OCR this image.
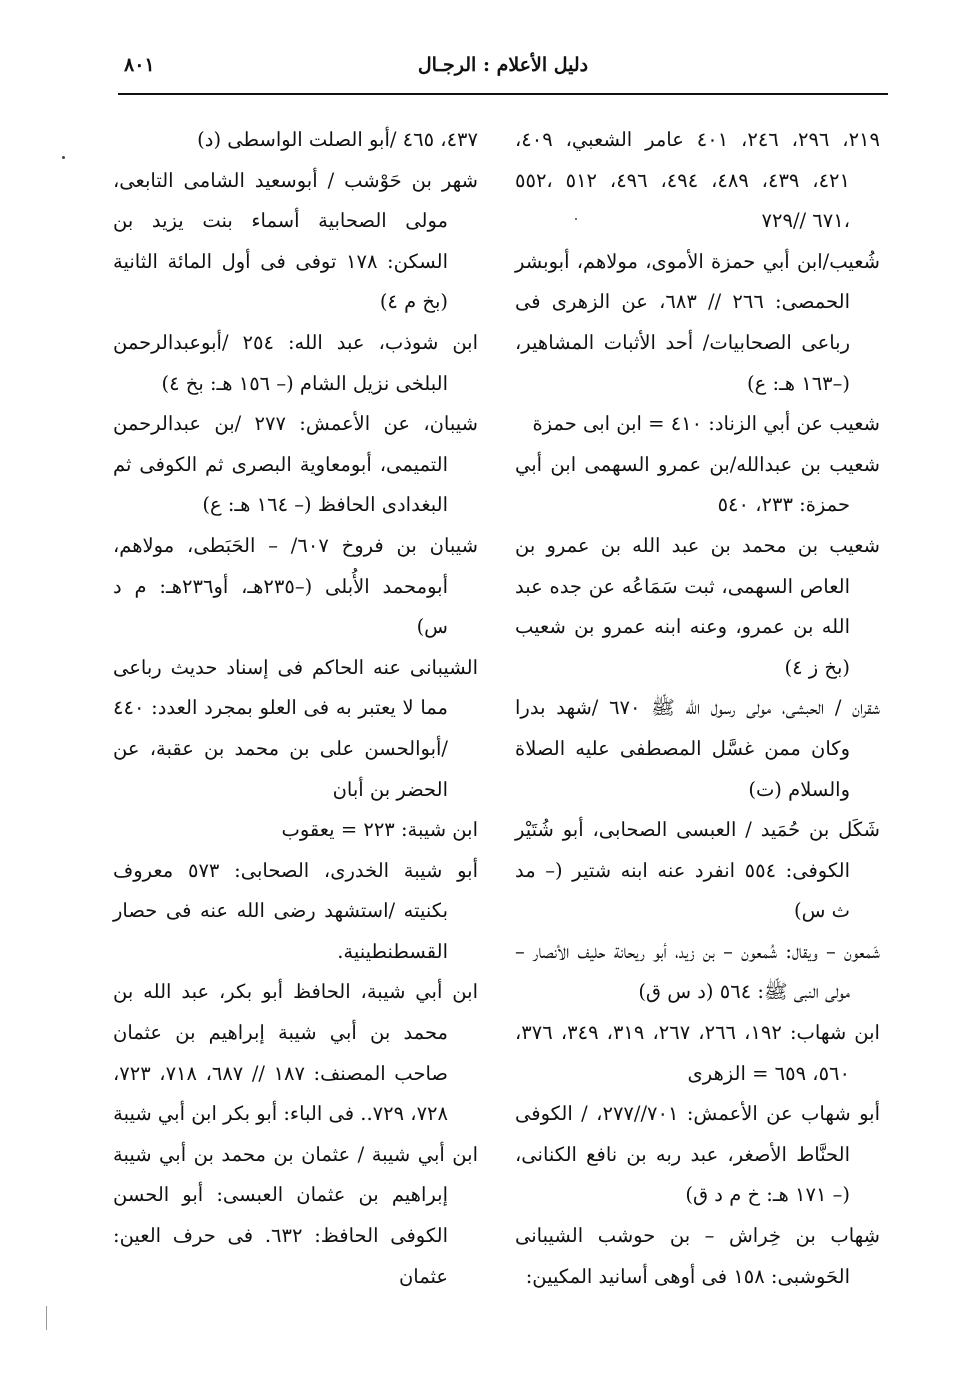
دليل الأعلام : الرجـال
٨٠١

٢١٩، ٢٩٦، ٢٤٦، ٤٠١ عامر الشعبي، ٤٠٩، ٤٢١، ٤٣٩، ٤٨٩، ٤٩٤، ٤٩٦، ٥١٢ ،٥٥٢ ،٦٧١ //٧٢٩

شُعيب/ابن أبي حمزة الأموى، مولاهم، أبوبشر الحمصى: ٢٦٦ // ٦٨٣، عن الزهرى فى رباعى الصحابيات/ أحد الأثبات المشاهير، (–١٦٣ هـ: ع)

شعيب عن أبي الزناد: ٤١٠ = ابن ابى حمزة

شعيب بن عبدالله/بن عمرو السهمى ابن أبي حمزة: ٢٣٣، ٥٤٠

شعيب بن محمد بن عبد الله بن عمرو بن العاص السهمى، ثبت سَمَاعُه عن جده عبد الله بن عمرو، وعنه ابنه عمرو بن شعيب (بخ ز ٤)

شقران / الحبشى، مولى رسول الله ﷺ ٦٧٠ /شهد بدرا وكان ممن غسَّل المصطفى عليه الصلاة والسلام (ت)

شَكَل بن حُمَيد / العبسى الصحابى، أبو شُتَيْر الكوفى: ٥٥٤ انفرد عنه ابنه شتير (– مد ث س)

شَمعون – ويقال: شُمعون – بن زيد، أبو ريحانة حليف الأنصار – مولى النبى ﷺ: ٥٦٤ (د س ق)

ابن شهاب: ١٩٢، ٢٦٦، ٢٦٧، ٣١٩، ٣٤٩، ٣٧٦، ٥٦٠، ٦٥٩ = الزهرى

أبو شهاب عن الأعمش: ٧٠١//٢٧٧، / الكوفى الحنَّاط الأصغر، عبد ربه بن نافع الكنانى، (– ١٧١ هـ: خ م د ق)

شِهاب بن خِراش – بن حوشب الشيبانى الحَوشبى: ١٥٨ فى أوهى أسانيد المكيين:

٤٣٧، ٤٦٥ /أبو الصلت الواسطى (د)

شهر بن حَوْشب / أبوسعيد الشامى التابعى، مولى الصحابية أسماء بنت يزيد بن السكن: ١٧٨ توفى فى أول المائة الثانية (بخ م ٤)

ابن شوذب، عبد الله: ٢٥٤ /أبوعبدالرحمن البلخى نزيل الشام (– ١٥٦ هـ: بخ ٤)

شيبان، عن الأعمش: ٢٧٧ /بن عبدالرحمن التميمى، أبومعاوية البصرى ثم الكوفى ثم البغدادى الحافظ (– ١٦٤ هـ: ع)

شيبان بن فروخ ٦٠٧/ – الحَبَطى، مولاهم، أبومحمد الأُبلى (–٢٣٥هـ، أو٢٣٦هـ: م د س)

الشيبانى عنه الحاكم فى إسناد حديث رباعى مما لا يعتبر به فى العلو بمجرد العدد: ٤٤٠ /أبوالحسن على بن محمد بن عقبة، عن الحضر بن أبان

ابن شيبة: ٢٢٣ = يعقوب

أبو شيبة الخدرى، الصحابى: ٥٧٣ معروف بكنيته /استشهد رضى الله عنه فى حصار القسطنطينية.

ابن أبي شيبة، الحافظ أبو بكر، عبد الله بن محمد بن أبي شيبة إبراهيم بن عثمان صاحب المصنف: ١٨٧ // ٦٨٧، ٧١٨، ٧٢٣، ٧٢٨، ٧٢٩.. فى الباء: أبو بكر ابن أبي شيبة

ابن أبي شيبة / عثمان بن محمد بن أبي شيبة إبراهيم بن عثمان العبسى: أبو الحسن الكوفى الحافظ: ٦٣٢. فى حرف العين: عثمان
